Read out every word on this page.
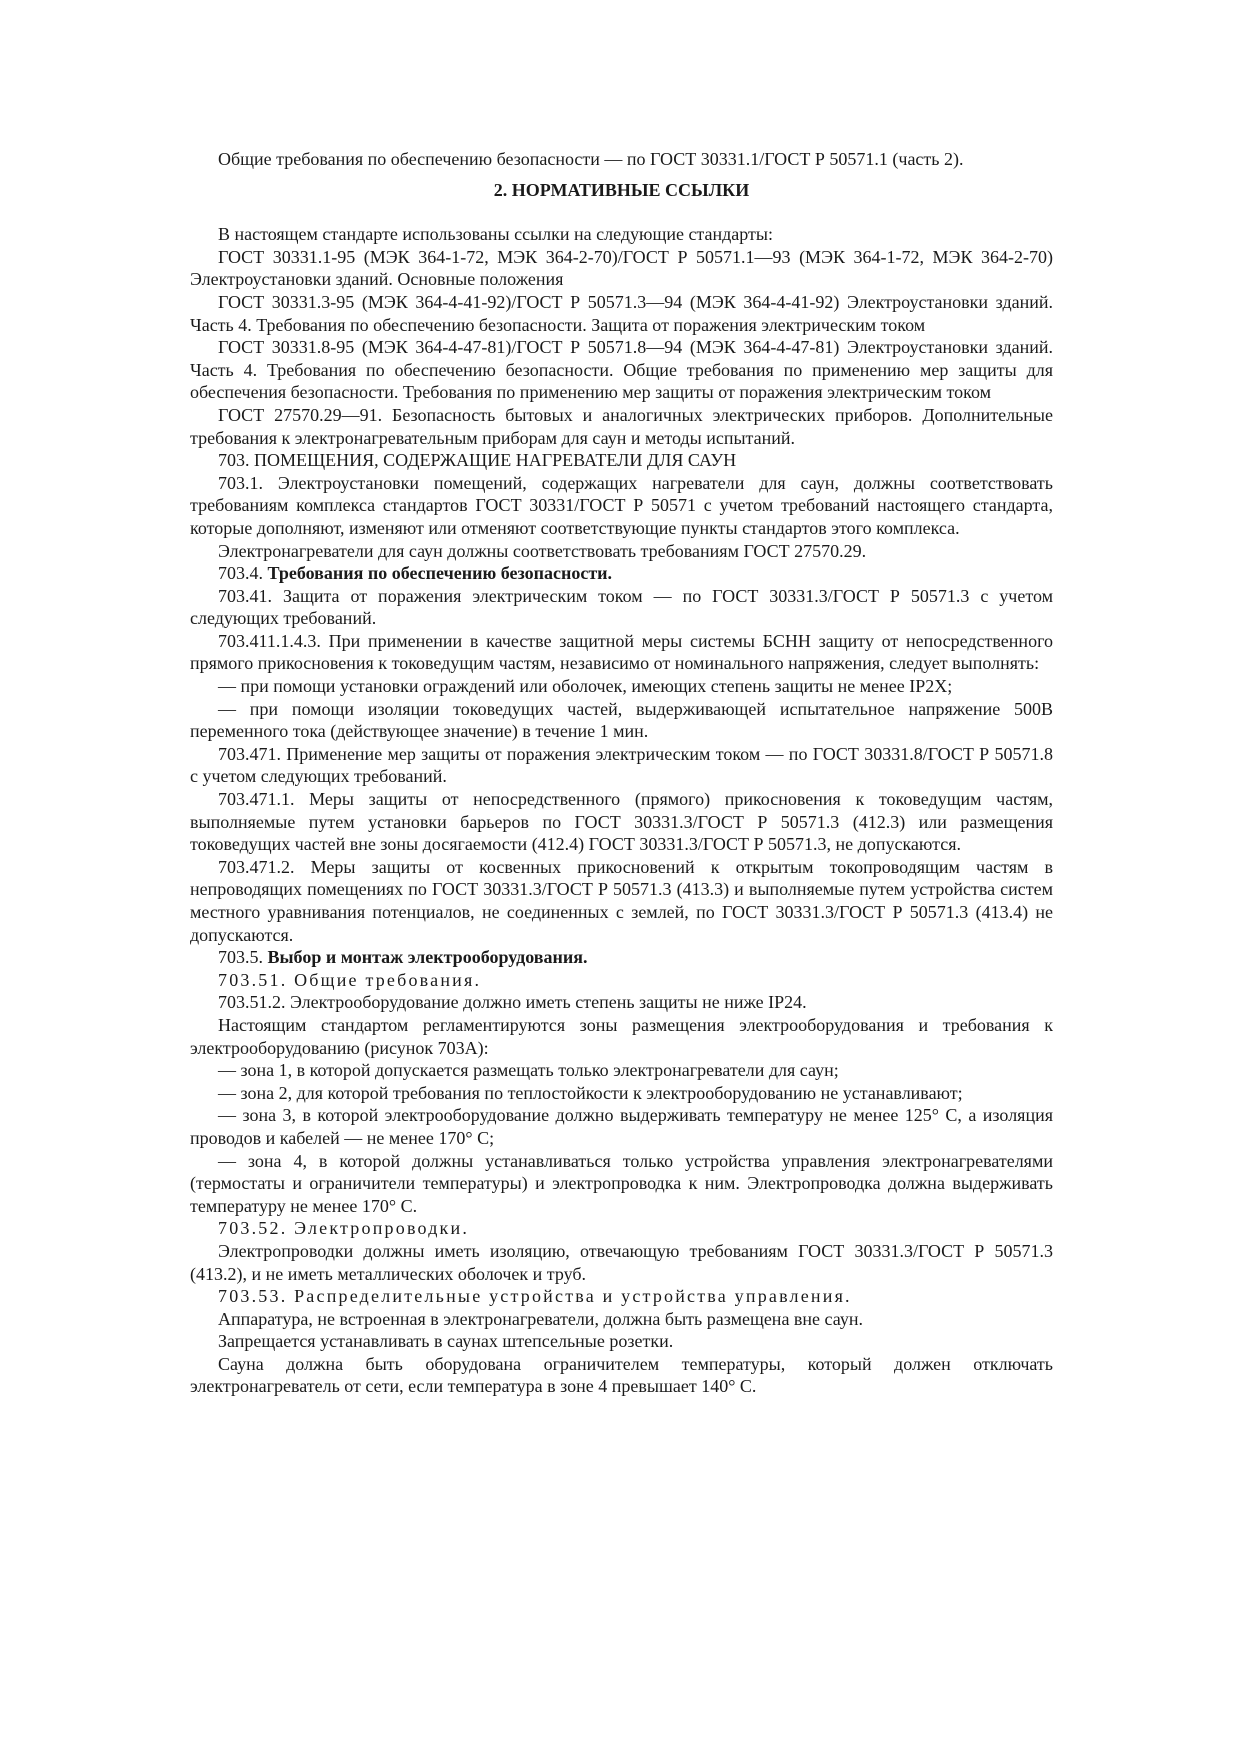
Общие требования по обеспечению безопасности — по ГОСТ 30331.1/ГОСТ Р 50571.1 (часть 2).

2. НОРМАТИВНЫЕ ССЫЛКИ

В настоящем стандарте использованы ссылки на следующие стандарты:

ГОСТ 30331.1-95 (МЭК 364-1-72, МЭК 364-2-70)/ГОСТ Р 50571.1—93 (МЭК 364-1-72, МЭК 364-2-70) Электроустановки зданий. Основные положения

ГОСТ 30331.3-95 (МЭК 364-4-41-92)/ГОСТ Р 50571.3—94 (МЭК 364-4-41-92) Электроустановки зданий. Часть 4. Требования по обеспечению безопасности. Защита от поражения электрическим током

ГОСТ 30331.8-95 (МЭК 364-4-47-81)/ГОСТ Р 50571.8—94 (МЭК 364-4-47-81) Электроустановки зданий. Часть 4. Требования по обеспечению безопасности. Общие требования по применению мер защиты для обеспечения безопасности. Требования по применению мер защиты от поражения электрическим током

ГОСТ 27570.29—91. Безопасность бытовых и аналогичных электрических приборов. Дополнительные требования к электронагревательным приборам для саун и методы испытаний.

703. ПОМЕЩЕНИЯ, СОДЕРЖАЩИЕ НАГРЕВАТЕЛИ ДЛЯ САУН

703.1. Электроустановки помещений, содержащих нагреватели для саун, должны соответствовать требованиям комплекса стандартов ГОСТ 30331/ГОСТ Р 50571 с учетом требований настоящего стандарта, которые дополняют, изменяют или отменяют соответствующие пункты стандартов этого комплекса.

Электронагреватели для саун должны соответствовать требованиям ГОСТ 27570.29.

703.4. Требования по обеспечению безопасности.

703.41. Защита от поражения электрическим током — по ГОСТ 30331.3/ГОСТ Р 50571.3 с учетом следующих требований.

703.411.1.4.3. При применении в качестве защитной меры системы БСНН защиту от непосредственного прямого прикосновения к токоведущим частям, независимо от номинального напряжения, следует выполнять:

— при помощи установки ограждений или оболочек, имеющих степень защиты не менее IP2X;

— при помощи изоляции токоведущих частей, выдерживающей испытательное напряжение 500В переменного тока (действующее значение) в течение 1 мин.

703.471. Применение мер защиты от поражения электрическим током — по ГОСТ 30331.8/ГОСТ Р 50571.8 с учетом следующих требований.

703.471.1. Меры защиты от непосредственного (прямого) прикосновения к токоведущим частям, выполняемые путем установки барьеров по ГОСТ 30331.3/ГОСТ Р 50571.3 (412.3) или размещения токоведущих частей вне зоны досягаемости (412.4) ГОСТ 30331.3/ГОСТ Р 50571.3, не допускаются.

703.471.2. Меры защиты от косвенных прикосновений к открытым токопроводящим частям в непроводящих помещениях по ГОСТ 30331.3/ГОСТ Р 50571.3 (413.3) и выполняемые путем устройства систем местного уравнивания потенциалов, не соединенных с землей, по ГОСТ 30331.3/ГОСТ Р 50571.3 (413.4) не допускаются.

703.5. Выбор и монтаж электрооборудования.

703.51. Общие требования.

703.51.2. Электрооборудование должно иметь степень защиты не ниже IP24.

Настоящим стандартом регламентируются зоны размещения электрооборудования и требования к электрооборудованию (рисунок 703А):

— зона 1, в которой допускается размещать только электронагреватели для саун;

— зона 2, для которой требования по теплостойкости к электрооборудованию не устанавливают;

— зона 3, в которой электрооборудование должно выдерживать температуру не менее 125° С, а изоляция проводов и кабелей — не менее 170° С;

— зона 4, в которой должны устанавливаться только устройства управления электронагревателями (термостаты и ограничители температуры) и электропроводка к ним. Электропроводка должна выдерживать температуру не менее 170° С.

703.52. Электропроводки.

Электропроводки должны иметь изоляцию, отвечающую требованиям ГОСТ 30331.3/ГОСТ Р 50571.3 (413.2), и не иметь металлических оболочек и труб.

703.53. Распределительные устройства и устройства управления.

Аппаратура, не встроенная в электронагреватели, должна быть размещена вне саун.

Запрещается устанавливать в саунах штепсельные розетки.

Сауна должна быть оборудована ограничителем температуры, который должен отключать электронагреватель от сети, если температура в зоне 4 превышает 140° С.
